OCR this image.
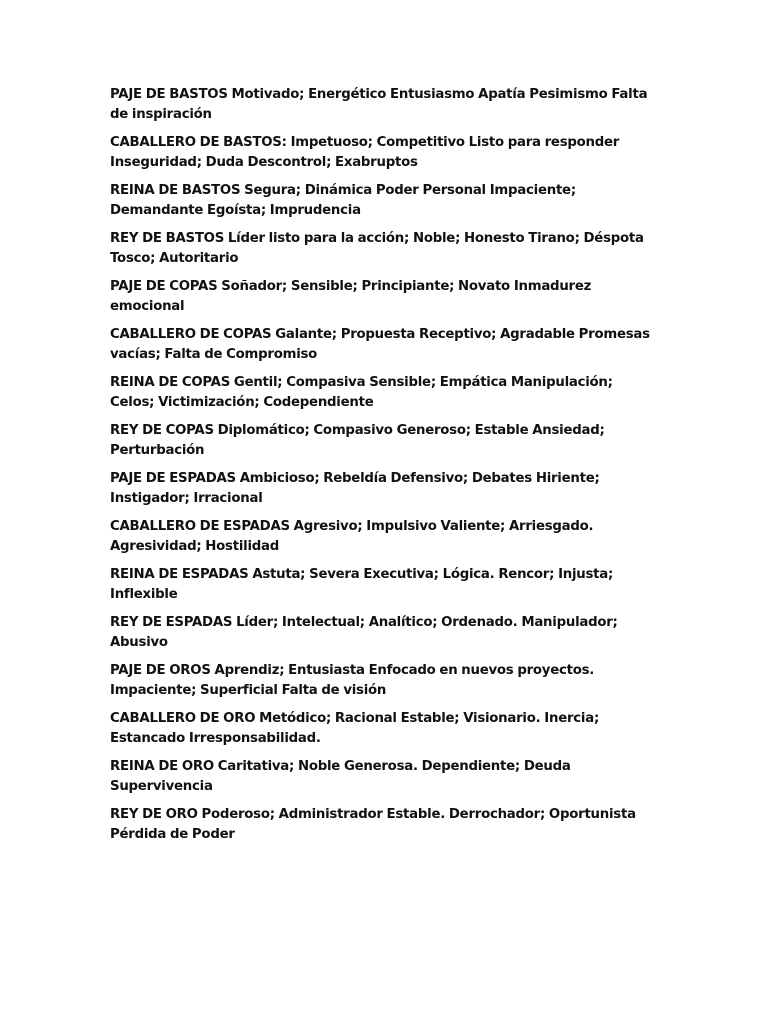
PAJE DE BASTOS Motivado; Energético Entusiasmo Apatía Pesimismo Falta de inspiración

CABALLERO DE BASTOS: Impetuoso; Competitivo Listo para responder Inseguridad; Duda Descontrol; Exabruptos

REINA DE BASTOS Segura; Dinámica Poder Personal Impaciente; Demandante Egoísta; Imprudencia

REY DE BASTOS Líder listo para la acción; Noble; Honesto Tirano; Déspota Tosco; Autoritario

PAJE DE COPAS Soñador; Sensible; Principiante; Novato Inmadurez emocional

CABALLERO DE COPAS Galante; Propuesta Receptivo; Agradable Promesas vacías; Falta de Compromiso

REINA DE COPAS Gentil; Compasiva Sensible; Empática Manipulación; Celos; Victimización; Codependiente

REY DE COPAS Diplomático; Compasivo Generoso; Estable Ansiedad; Perturbación

PAJE DE ESPADAS Ambicioso; Rebeldía Defensivo; Debates Hiriente; Instigador; Irracional

CABALLERO DE ESPADAS Agresivo; Impulsivo Valiente; Arriesgado. Agresividad; Hostilidad

REINA DE ESPADAS Astuta; Severa Executiva; Lógica. Rencor; Injusta; Inflexible

REY DE ESPADAS Líder; Intelectual; Analítico; Ordenado. Manipulador; Abusivo

PAJE DE OROS Aprendiz; Entusiasta Enfocado en nuevos proyectos. Impaciente; Superficial Falta de visión

CABALLERO DE ORO Metódico; Racional Estable; Visionario. Inercia; Estancado Irresponsabilidad.

REINA DE ORO Caritativa; Noble Generosa. Dependiente; Deuda Supervivencia

REY DE ORO Poderoso; Administrador Estable. Derrochador; Oportunista Pérdida de Poder
